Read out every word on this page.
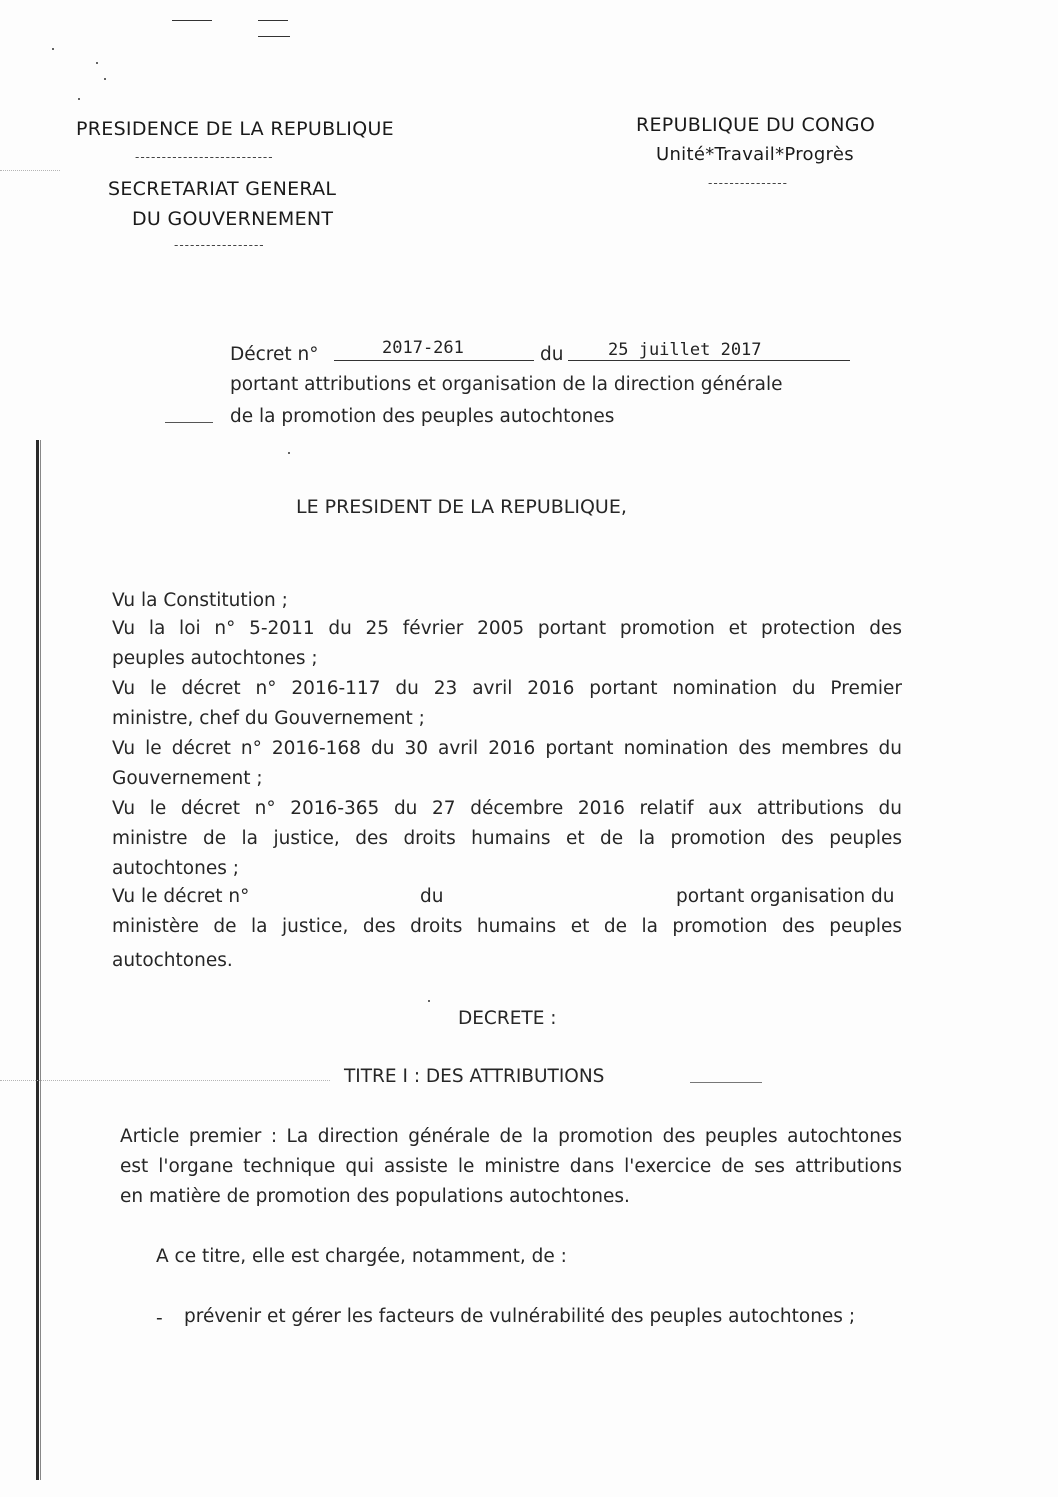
PRESIDENCE DE LA REPUBLIQUE
--------------------------
SECRETARIAT GENERAL
DU GOUVERNEMENT
-----------------
REPUBLIQUE DU CONGO
Unité*Travail*Progrès
---------------
Décret n°	2017-261	du	25 juillet 2017
portant attributions et organisation de la direction générale
de la promotion des peuples autochtones
LE PRESIDENT DE LA REPUBLIQUE,
Vu la Constitution ;
Vu la loi n° 5-2011 du 25 février 2005 portant promotion et protection des
peuples autochtones ;
Vu le décret n° 2016-117 du 23 avril 2016 portant nomination du Premier
ministre, chef du Gouvernement ;
Vu le décret n° 2016-168 du 30 avril 2016 portant nomination des membres du
Gouvernement ;
Vu le décret n° 2016-365 du 27 décembre 2016 relatif aux attributions du
ministre de la justice, des droits humains et de la promotion des peuples
autochtones ;
Vu le décret n°	du	portant organisation du
ministère de la justice, des droits humains et de la promotion des peuples
autochtones.
DECRETE :
TITRE I : DES ATTRIBUTIONS
Article premier : La direction générale de la promotion des peuples autochtones
est l'organe technique qui assiste le ministre dans l'exercice de ses attributions
en matière de promotion des populations autochtones.
A ce titre, elle est chargée, notamment, de :
- prévenir et gérer les facteurs de vulnérabilité des peuples autochtones ;
